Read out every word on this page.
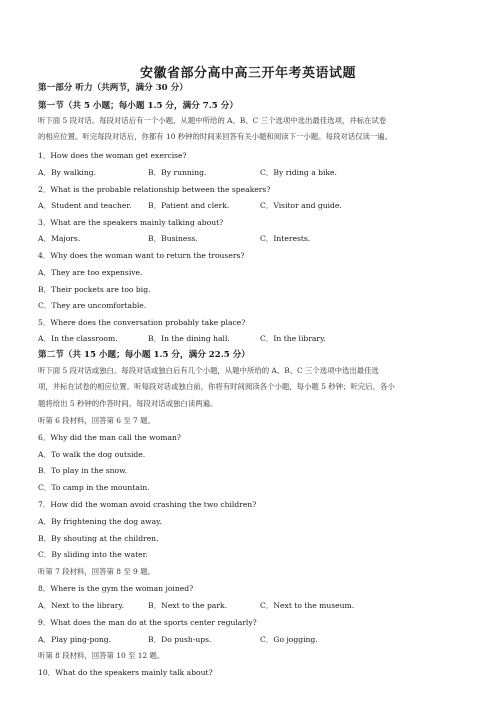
安徽省部分高中高三开年考英语试题
第一部分 听力（共两节，满分 30 分）
第一节（共 5 小题；每小题 1.5 分，满分 7.5 分）
听下面 5 段对话。每段对话后有一个小题，从题中所给的 A、B、C 三个选项中选出最佳选项，并标在试卷
的相应位置。听完每段对话后，你都有 10 秒钟的时间来回答有关小题和阅读下一小题。每段对话仅读一遍。
1．How does the woman get exercise?
A．By walking.	B．By running.	C．By riding a bike.
2．What is the probable relationship between the speakers?
A．Student and teacher. B．Patient and clerk.	C．Visitor and guide.
3．What are the speakers mainly talking about?
A．Majors.	B．Business.	C．Interests.
4．Why does the woman want to return the trousers?
A．They are too expensive.
B．Their pockets are too big.
C．They are uncomfortable.
5．Where does the conversation probably take place?
A．In the classroom.	B．In the dining hall.	C．In the library.
第二节（共 15 小题；每小题 1.5 分，满分 22.5 分）
听下面 5 段对话或独白。每段对话或独白后有几个小题，从题中所给的 A、B、C 三个选项中选出最佳选
项，并标在试卷的相应位置。听每段对话或独白前，你将有时间阅读各个小题，每小题 5 秒钟；听完后，各小
题将给出 5 秒钟的作答时间。每段对话或独白读两遍。
听第 6 段材料，回答第 6 至 7 题。
6．Why did the man call the woman?
A．To walk the dog outside.
B．To play in the snow.
C．To camp in the mountain.
7．How did the woman avoid crashing the two children?
A．By frightening the dog away.
B．By shouting at the children.
C．By sliding into the water.
听第 7 段材料，回答第 8 至 9 题。
8．Where is the gym the woman joined?
A．Next to the library.	B．Next to the park.	C．Next to the museum.
9．What does the man do at the sports center regularly?
A．Play ping-pong.	B．Do push-ups.	C．Go jogging.
听第 8 段材料，回答第 10 至 12 题。
10．What do the speakers mainly talk about?
